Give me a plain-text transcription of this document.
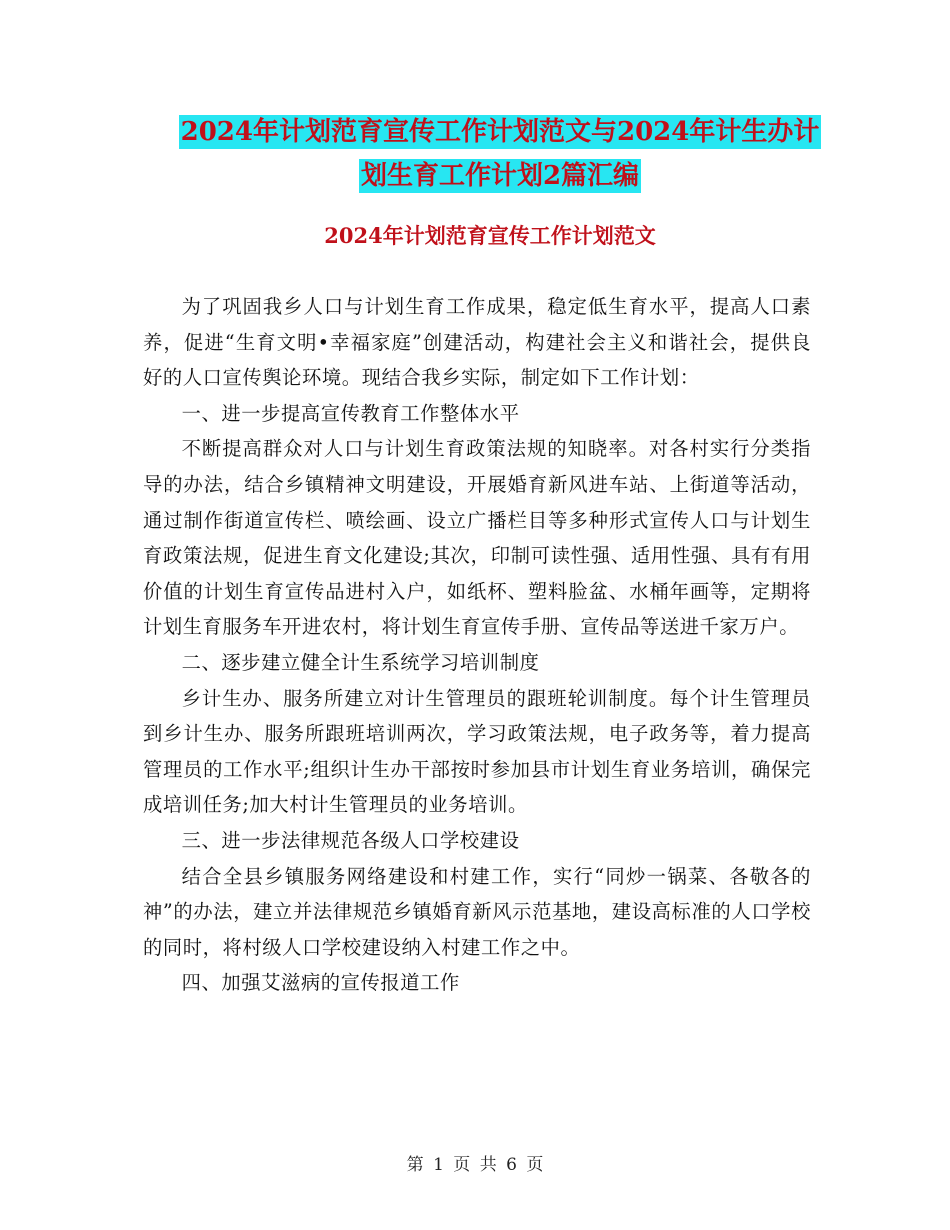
2024年计划范育宣传工作计划范文与2024年计生办计
划生育工作计划2篇汇编
2024年计划范育宣传工作计划范文

为了巩固我乡人口与计划生育工作成果，稳定低生育水平，提高人口素养，促进“生育文明•幸福家庭”创建活动，构建社会主义和谐社会，提供良好的人口宣传舆论环境。现结合我乡实际，制定如下工作计划：

一、进一步提高宣传教育工作整体水平

不断提高群众对人口与计划生育政策法规的知晓率。对各村实行分类指导的办法，结合乡镇精神文明建设，开展婚育新风进车站、上街道等活动，通过制作街道宣传栏、喷绘画、设立广播栏目等多种形式宣传人口与计划生育政策法规，促进生育文化建设;其次，印制可读性强、适用性强、具有有用价值的计划生育宣传品进村入户，如纸杯、塑料脸盆、水桶年画等，定期将计划生育服务车开进农村，将计划生育宣传手册、宣传品等送进千家万户。

二、逐步建立健全计生系统学习培训制度

乡计生办、服务所建立对计生管理员的跟班轮训制度。每个计生管理员到乡计生办、服务所跟班培训两次，学习政策法规，电子政务等，着力提高管理员的工作水平;组织计生办干部按时参加县市计划生育业务培训，确保完成培训任务;加大村计生管理员的业务培训。

三、进一步法律规范各级人口学校建设

结合全县乡镇服务网络建设和村建工作，实行“同炒一锅菜、各敬各的神”的办法，建立并法律规范乡镇婚育新风示范基地，建设高标准的人口学校的同时，将村级人口学校建设纳入村建工作之中。

四、加强艾滋病的宣传报道工作

第 1 页 共 6 页
